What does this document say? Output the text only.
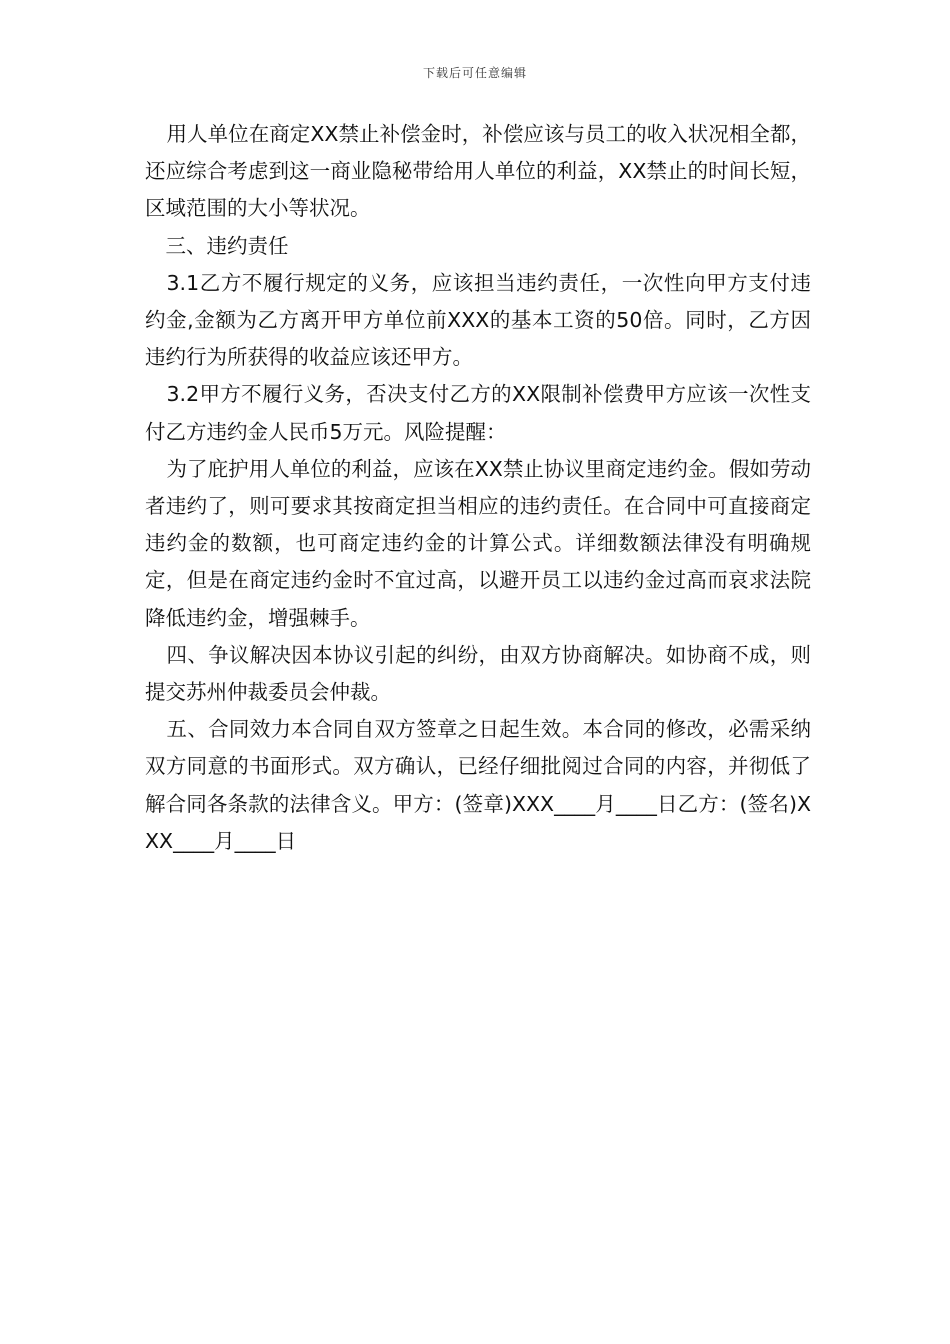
下载后可任意编辑

用人单位在商定XX禁止补偿金时，补偿应该与员工的收入状况相全都，还应综合考虑到这一商业隐秘带给用人单位的利益，XX禁止的时间长短，区域范围的大小等状况。

三、违约责任

3.1乙方不履行规定的义务，应该担当违约责任，一次性向甲方支付违约金,金额为乙方离开甲方单位前XXX的基本工资的50倍。同时，乙方因违约行为所获得的收益应该还甲方。

3.2甲方不履行义务，否决支付乙方的XX限制补偿费甲方应该一次性支付乙方违约金人民币5万元。风险提醒：

为了庇护用人单位的利益，应该在XX禁止协议里商定违约金。假如劳动者违约了，则可要求其按商定担当相应的违约责任。在合同中可直接商定违约金的数额，也可商定违约金的计算公式。详细数额法律没有明确规定，但是在商定违约金时不宜过高，以避开员工以违约金过高而哀求法院降低违约金，增强棘手。

四、争议解决因本协议引起的纠纷，由双方协商解决。如协商不成，则提交苏州仲裁委员会仲裁。

五、合同效力本合同自双方签章之日起生效。本合同的修改，必需采纳双方同意的书面形式。双方确认，已经仔细批阅过合同的内容，并彻低了解合同各条款的法律含义。甲方：(签章)XXX____月____日乙方：(签名)XXX____月____日
